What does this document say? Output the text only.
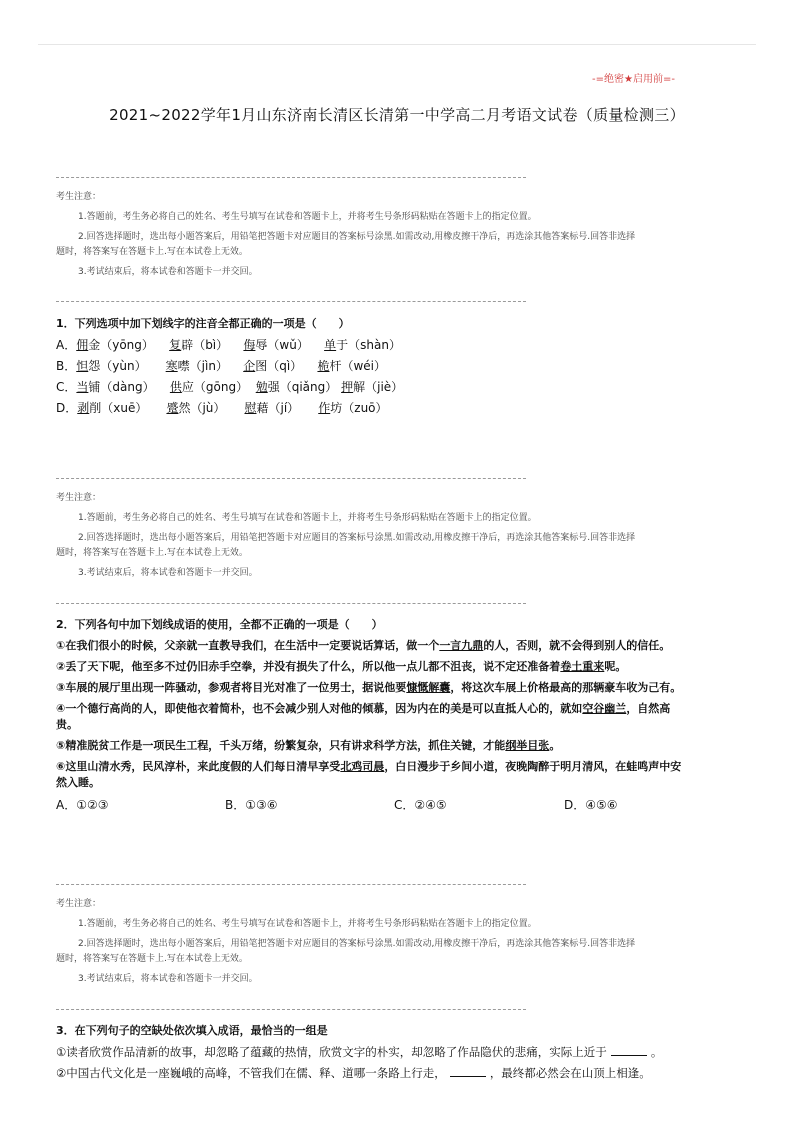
-=绝密★启用前=-
2021~2022学年1月山东济南长清区长清第一中学高二月考语文试卷（质量检测三）
考生注意：
1.答题前，考生务必将自己的姓名、考生号填写在试卷和答题卡上，并将考生号条形码粘贴在答题卡上的指定位置。
2.回答选择题时，选出每小题答案后，用铅笔把答题卡对应题目的答案标号涂黑.如需改动,用橡皮擦干净后，再选涂其他答案标号.回答非选择
题时，将答案写在答题卡上.写在本试卷上无效。
3.考试结束后，将本试卷和答题卡一并交回。
1．下列选项中加下划线字的注音全都正确的一项是（　　）
A．佣金（yōng） 复辟（bì） 侮辱（wǔ） 单于（shàn）
B．怛怨（yùn） 寒噤（jìn） 企图（qì） 桅杆（wéi）
C．当铺（dàng） 供应（gōng） 勉强（qiǎng） 押解（jiè）
D．剥削（xuē） 蹙然（jù） 慰藉（jí） 作坊（zuō）
考生注意：
1.答题前，考生务必将自己的姓名、考生号填写在试卷和答题卡上，并将考生号条形码粘贴在答题卡上的指定位置。
2.回答选择题时，选出每小题答案后，用铅笔把答题卡对应题目的答案标号涂黑.如需改动,用橡皮擦干净后，再选涂其他答案标号.回答非选择
题时，将答案写在答题卡上.写在本试卷上无效。
3.考试结束后，将本试卷和答题卡一并交回。
2．下列各句中加下划线成语的使用，全都不正确的一项是（　　）
①在我们很小的时候，父亲就一直教导我们，在生活中一定要说话算话，做一个一言九鼎的人，否则，就不会得到别人的信任。
②丢了天下呢，他至多不过仍旧赤手空拳，并没有损失了什么，所以他一点儿都不沮丧，说不定还准备着卷土重来呢。
③车展的展厅里出现一阵骚动，参观者将目光对准了一位男士，据说他要慷慨解囊，将这次车展上价格最高的那辆豪车收为己有。
④一个德行高尚的人，即使他衣着简朴，也不会减少别人对他的倾慕，因为内在的美是可以直抵人心的，就如空谷幽兰，自然高
贵。
⑤精准脱贫工作是一项民生工程，千头万绪，纷繁复杂，只有讲求科学方法，抓住关键，才能纲举目张。
⑥这里山清水秀，民风淳朴，来此度假的人们每日清早享受北鸡司晨，白日漫步于乡间小道，夜晚陶醉于明月清风，在蛙鸣声中安
然入睡。
A．①②③	B．①③⑥	C．②④⑤	D．④⑤⑥
考生注意：
1.答题前，考生务必将自己的姓名、考生号填写在试卷和答题卡上，并将考生号条形码粘贴在答题卡上的指定位置。
2.回答选择题时，选出每小题答案后，用铅笔把答题卡对应题目的答案标号涂黑.如需改动,用橡皮擦干净后，再选涂其他答案标号.回答非选择
题时，将答案写在答题卡上.写在本试卷上无效。
3.考试结束后，将本试卷和答题卡一并交回。
3．在下列句子的空缺处依次填入成语，最恰当的一组是
①读者欣赏作品清新的故事，却忽略了蕴藏的热情，欣赏文字的朴实，却忽略了作品隐伏的悲痛，实际上近于	。
②中国古代文化是一座巍峨的高峰，不管我们在儒、释、道哪一条路上行走，	，最终都必然会在山顶上相逢。
